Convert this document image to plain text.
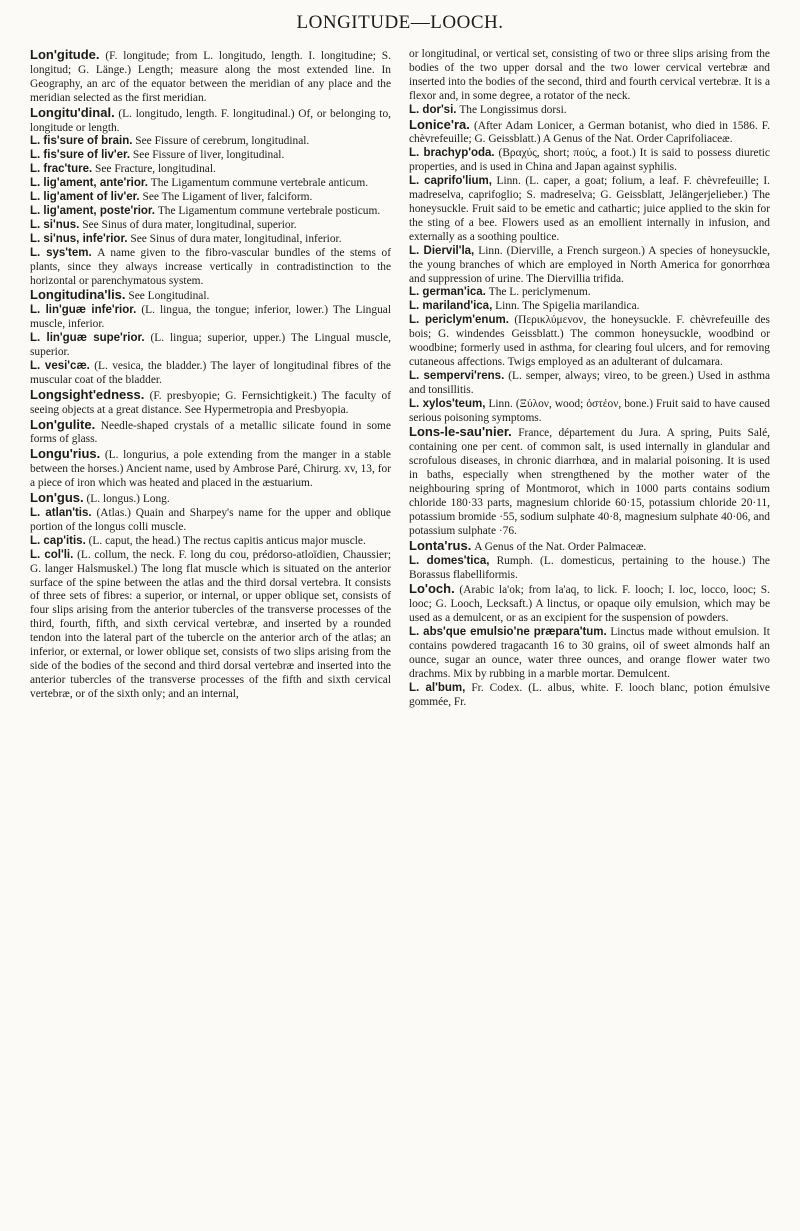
LONGITUDE—LOOCH.

Lon'gitude. (F. longitude; from L. longitudo, length. I. longitudine; S. longitud; G. Länge.) Length; measure along the most extended line. In Geography, an arc of the equator between the meridian of any place and the meridian selected as the first meridian.

Longitu'dinal. (L. longitudo, length. F. longitudinal.) Of, or belonging to, longitude or length.

L. fis'sure of brain. See Fissure of cerebrum, longitudinal.

L. fis'sure of liv'er. See Fissure of liver, longitudinal.

L. frac'ture. See Fracture, longitudinal.

L. lig'ament, ante'rior. The Ligamentum commune vertebrale anticum.

L. lig'ament of liv'er. See The Ligament of liver, falciform.

L. lig'ament, poste'rior. The Ligamentum commune vertebrale posticum.

L. si'nus. See Sinus of dura mater, longitudinal, superior.

L. si'nus, infe'rior. See Sinus of dura mater, longitudinal, inferior.

L. sys'tem. A name given to the fibro-vascular bundles of the stems of plants, since they always increase vertically in contradistinction to the horizontal or parenchymatous system.

Longitudina'lis. See Longitudinal.

L. lin'guæ infe'rior. (L. lingua, the tongue; inferior, lower.) The Lingual muscle, inferior.

L. lin'guæ supe'rior. (L. lingua; superior, upper.) The Lingual muscle, superior.

L. vesi'cæ. (L. vesica, the bladder.) The layer of longitudinal fibres of the muscular coat of the bladder.

Longsight'edness. (F. presbyopie; G. Fernsichtigkeit.) The faculty of seeing objects at a great distance. See Hypermetropia and Presbyopia.

Lon'gulite. Needle-shaped crystals of a metallic silicate found in some forms of glass.

Longu'rius. (L. longurius, a pole extending from the manger in a stable between the horses.) Ancient name, used by Ambrose Paré, Chirurg. xv, 13, for a piece of iron which was heated and placed in the æstuarium.

Lon'gus. (L. longus.) Long.

L. atlan'tis. (Atlas.) Quain and Sharpey's name for the upper and oblique portion of the longus colli muscle.

L. cap'itis. (L. caput, the head.) The rectus capitis anticus major muscle.

L. col'li. (L. collum, the neck. F. long du cou, prédorso-atloïdien, Chaussier; G. langer Halsmuskel.) The long flat muscle which is situated on the anterior surface of the spine between the atlas and the third dorsal vertebra. It consists of three sets of fibres: a superior, or internal, or upper oblique set, consists of four slips arising from the anterior tubercles of the transverse processes of the third, fourth, fifth, and sixth cervical vertebræ, and inserted by a rounded tendon into the lateral part of the tubercle on the anterior arch of the atlas; an inferior, or external, or lower oblique set, consists of two slips arising from the side of the bodies of the second and third dorsal vertebræ and inserted into the anterior tubercles of the transverse processes of the fifth and sixth cervical vertebræ, or of the sixth only; and an internal,

or longitudinal, or vertical set, consisting of two or three slips arising from the bodies of the two upper dorsal and the two lower cervical vertebræ and inserted into the bodies of the second, third and fourth cervical vertebræ. It is a flexor and, in some degree, a rotator of the neck.

L. dor'si. The Longissimus dorsi.

Lonice'ra. (After Adam Lonicer, a German botanist, who died in 1586. F. chèvrefeuille; G. Geissblatt.) A Genus of the Nat. Order Caprifoliaceæ.

L. brachyp'oda. (Βραχύς, short; πούς, a foot.) It is said to possess diuretic properties, and is used in China and Japan against syphilis.

L. caprifo'lium, Linn. (L. caper, a goat; folium, a leaf. F. chèvrefeuille; I. madreselva, caprifoglio; S. madreselva; G. Geissblatt, Jelängerjelieber.) The honeysuckle. Fruit said to be emetic and cathartic; juice applied to the skin for the sting of a bee. Flowers used as an emollient internally in infusion, and externally as a soothing poultice.

L. Diervil'la, Linn. (Dierville, a French surgeon.) A species of honeysuckle, the young branches of which are employed in North America for gonorrhœa and suppression of urine. The Diervillia trifida.

L. german'ica. The L. periclymenum.

L. mariland'ica, Linn. The Spigelia marilandica.

L. periclym'enum. (Περικλύμενον, the honeysuckle. F. chèvrefeuille des bois; G. windendes Geissblatt.) The common honeysuckle, woodbind or woodbine; formerly used in asthma, for clearing foul ulcers, and for removing cutaneous affections. Twigs employed as an adulterant of dulcamara.

L. sempervi'rens. (L. semper, always; vireo, to be green.) Used in asthma and tonsillitis.

L. xylos'teum, Linn. (Ξύλον, wood; ὀστέον, bone.) Fruit said to have caused serious poisoning symptoms.

Lons-le-sau'nier. France, département du Jura. A spring, Puits Salé, containing one per cent. of common salt, is used internally in glandular and scrofulous diseases, in chronic diarrhœa, and in malarial poisoning. It is used in baths, especially when strengthened by the mother water of the neighbouring spring of Montmorot, which in 1000 parts contains sodium chloride 180·33 parts, magnesium chloride 60·15, potassium chloride 20·11, potassium bromide ·55, sodium sulphate 40·8, magnesium sulphate 40·06, and potassium sulphate ·76.

Lonta'rus. A Genus of the Nat. Order Palmaceæ.

L. domes'tica, Rumph. (L. domesticus, pertaining to the house.) The Borassus flabelliformis.

Lo'och. (Arabic la'ok; from la'aq, to lick. F. looch; I. loc, locco, looc; S. looc; G. Looch, Lecksaft.) A linctus, or opaque oily emulsion, which may be used as a demulcent, or as an excipient for the suspension of powders.

L. abs'que emulsio'ne præpara'tum. Linctus made without emulsion. It contains powdered tragacanth 16 to 30 grains, oil of sweet almonds half an ounce, sugar an ounce, water three ounces, and orange flower water two drachms. Mix by rubbing in a marble mortar. Demulcent.

L. al'bum, Fr. Codex. (L. albus, white. F. looch blanc, potion émulsive gommée, Fr.
